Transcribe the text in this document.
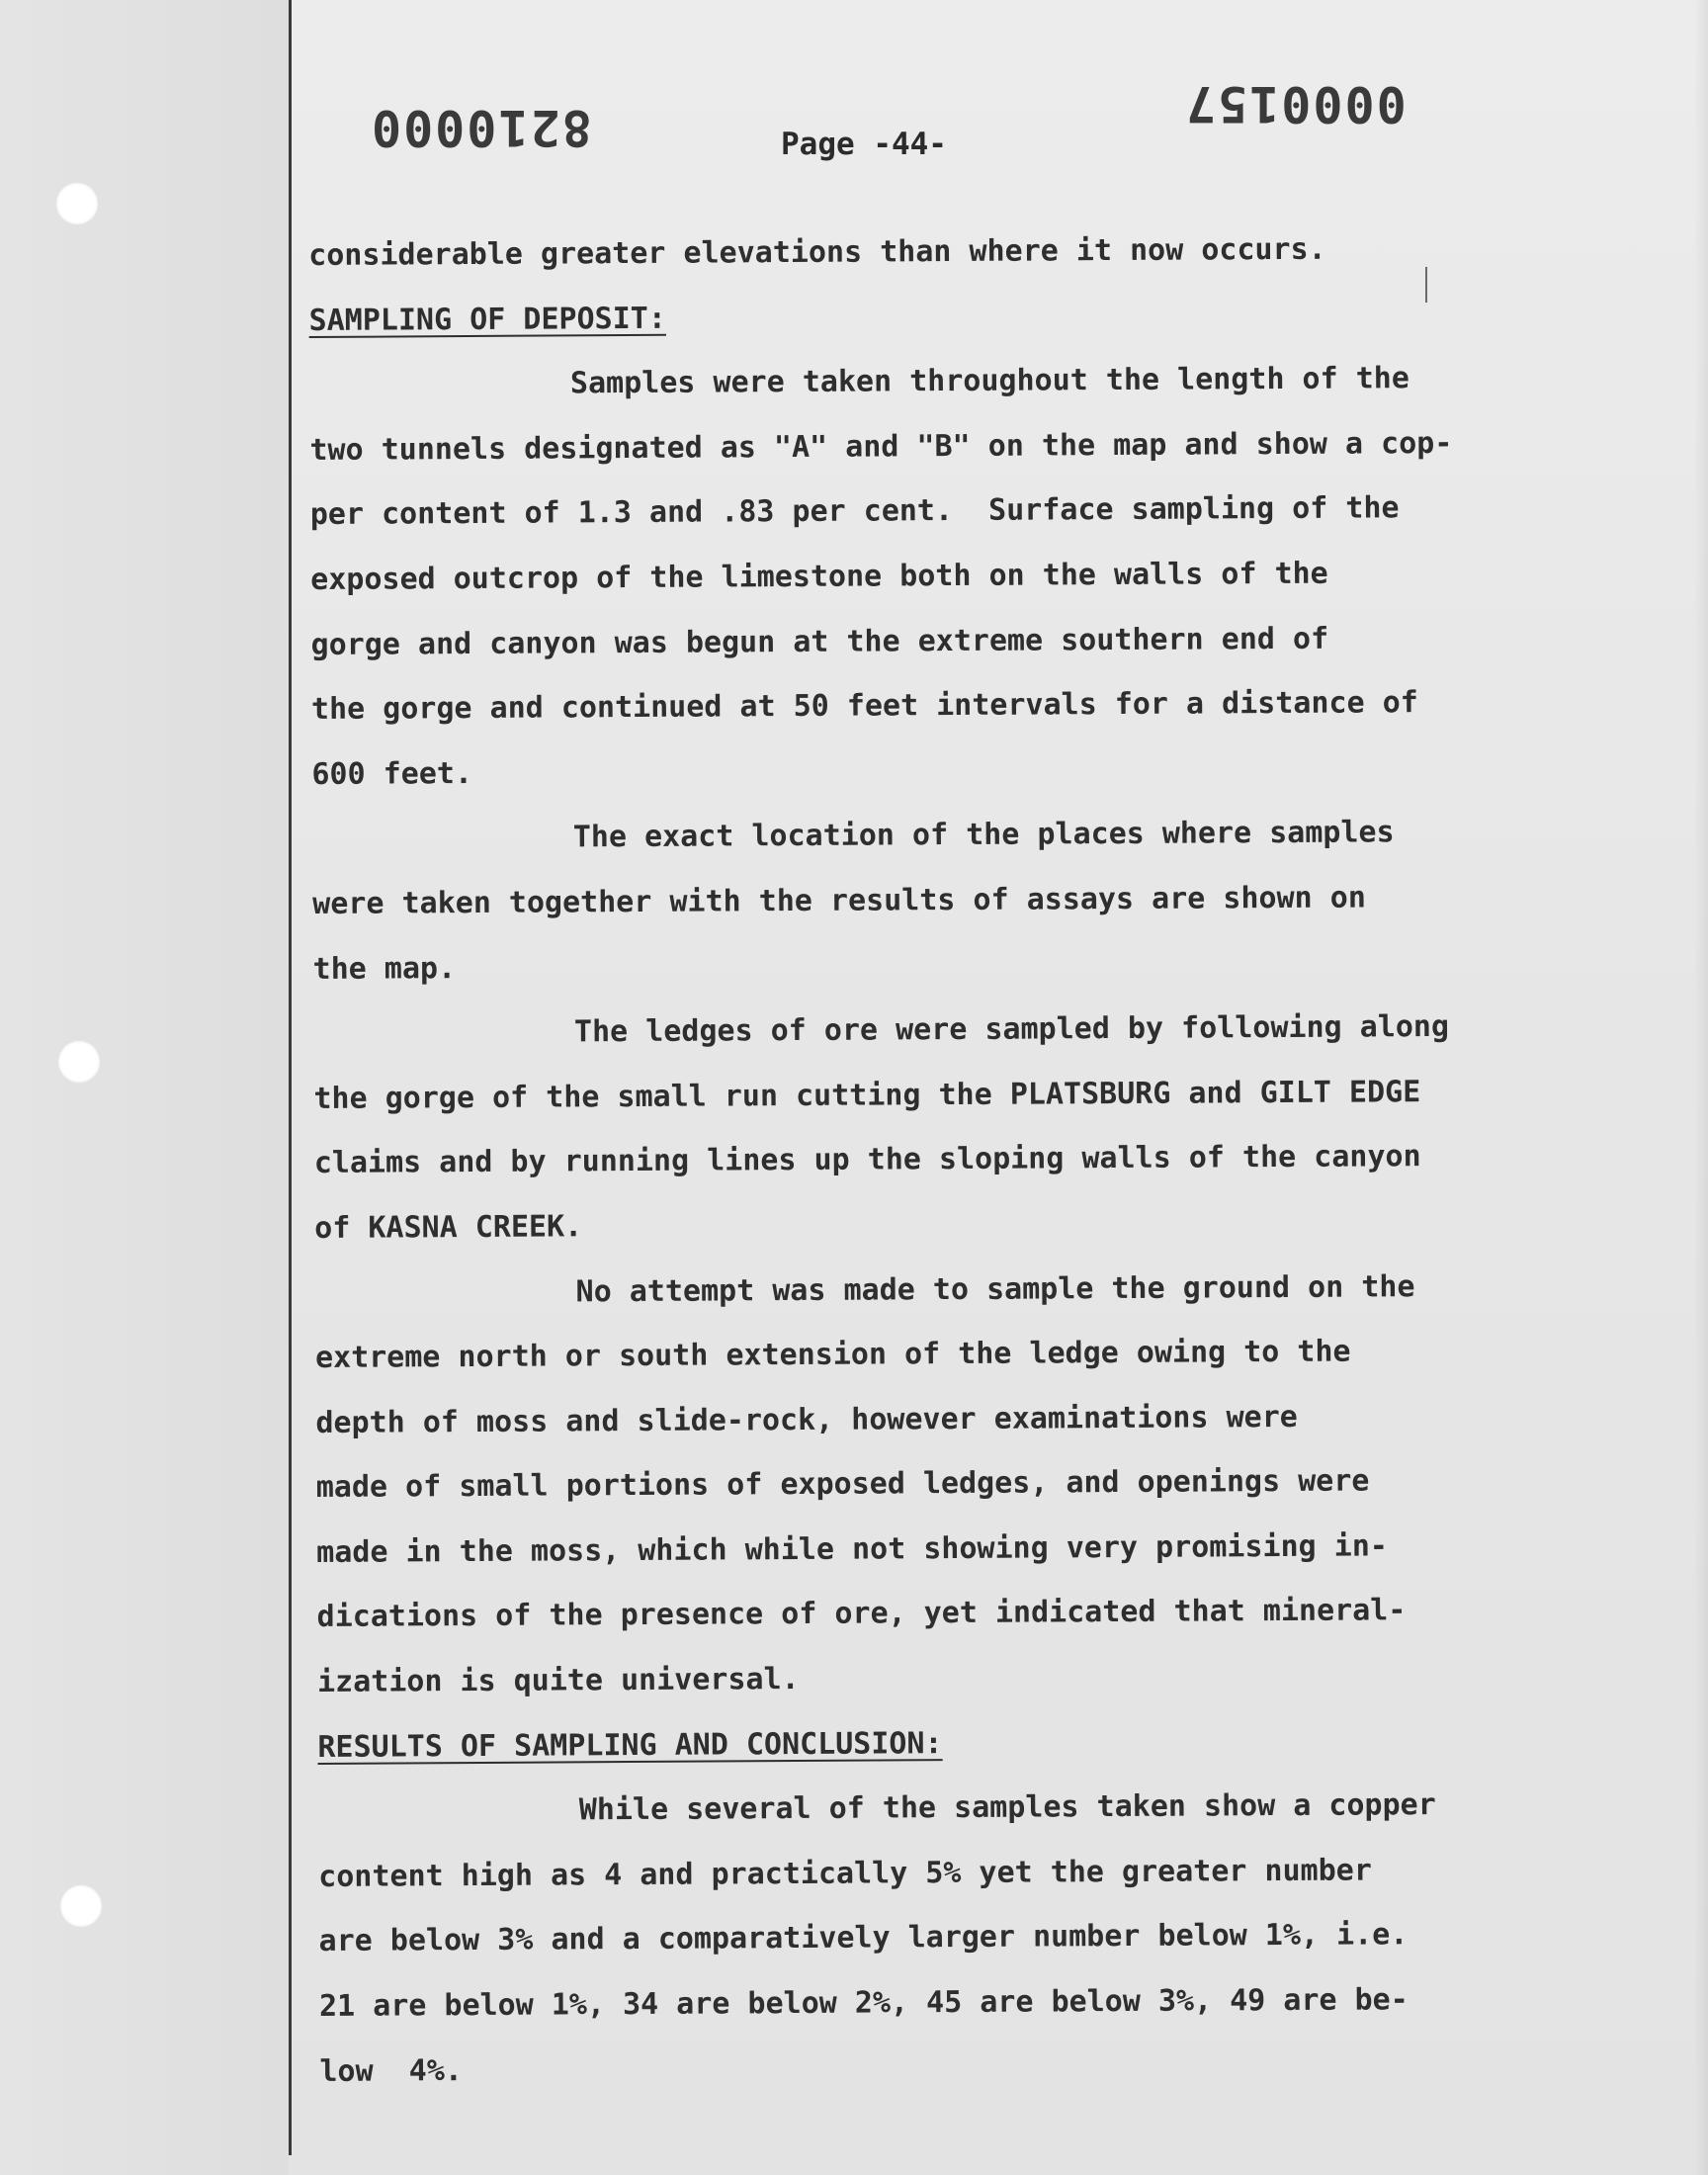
8210000	0000157
Page -44-
considerable greater elevations than where it now occurs.
SAMPLING OF DEPOSIT:
Samples were taken throughout the length of the
two tunnels designated as "A" and "B" on the map and show a cop-
per content of 1.3 and .83 per cent.  Surface sampling of the
exposed outcrop of the limestone both on the walls of the
gorge and canyon was begun at the extreme southern end of
the gorge and continued at 50 feet intervals for a distance of
600 feet.
The exact location of the places where samples
were taken together with the results of assays are shown on
the map.
The ledges of ore were sampled by following along
the gorge of the small run cutting the PLATSBURG and GILT EDGE
claims and by running lines up the sloping walls of the canyon
of KASNA CREEK.
No attempt was made to sample the ground on the
extreme north or south extension of the ledge owing to the
depth of moss and slide-rock, however examinations were
made of small portions of exposed ledges, and openings were
made in the moss, which while not showing very promising in-
dications of the presence of ore, yet indicated that mineral-
ization is quite universal.
RESULTS OF SAMPLING AND CONCLUSION:
While several of the samples taken show a copper
content high as 4 and practically 5% yet the greater number
are below 3% and a comparatively larger number below 1%, i.e.
21 are below 1%, 34 are below 2%, 45 are below 3%, 49 are be-
low  4%.
